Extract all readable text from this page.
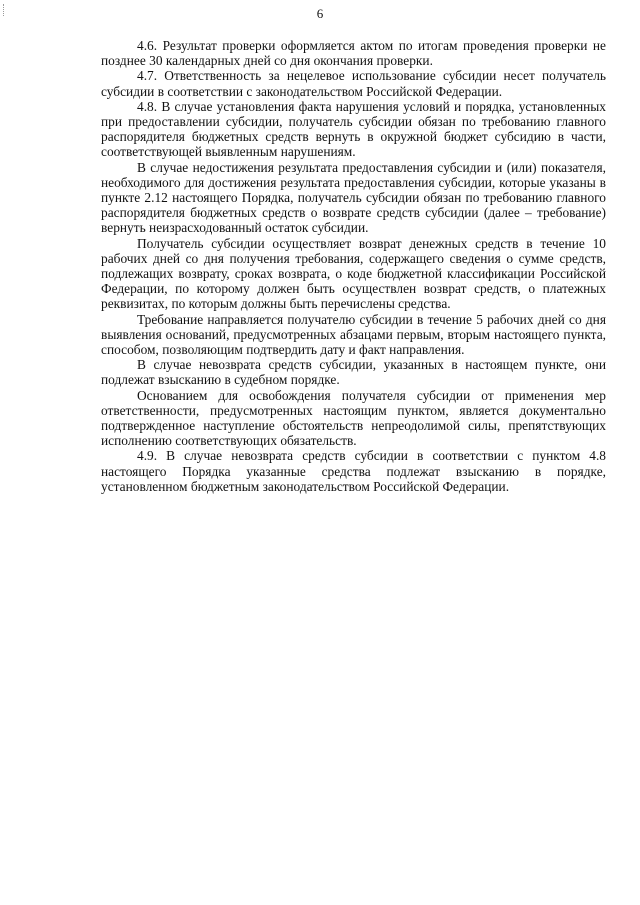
6

4.6. Результат проверки оформляется актом по итогам проведения проверки не позднее 30 календарных дней со дня окончания проверки.

4.7. Ответственность за нецелевое использование субсидии несет получатель субсидии в соответствии с законодательством Российской Федерации.

4.8. В случае установления факта нарушения условий и порядка, установленных при предоставлении субсидии, получатель субсидии обязан по требованию главного распорядителя бюджетных средств вернуть в окружной бюджет субсидию в части, соответствующей выявленным нарушениям.

В случае недостижения результата предоставления субсидии и (или) показателя, необходимого для достижения результата предоставления субсидии, которые указаны в пункте 2.12 настоящего Порядка, получатель субсидии обязан по требованию главного распорядителя бюджетных средств о возврате средств субсидии (далее – требование) вернуть неизрасходованный остаток субсидии.

Получатель субсидии осуществляет возврат денежных средств в течение 10 рабочих дней со дня получения требования, содержащего сведения о сумме средств, подлежащих возврату, сроках возврата, о коде бюджетной классификации Российской Федерации, по которому должен быть осуществлен возврат средств, о платежных реквизитах, по которым должны быть перечислены средства.

Требование направляется получателю субсидии в течение 5 рабочих дней со дня выявления оснований, предусмотренных абзацами первым, вторым настоящего пункта, способом, позволяющим подтвердить дату и факт направления.

В случае невозврата средств субсидии, указанных в настоящем пункте, они подлежат взысканию в судебном порядке.

Основанием для освобождения получателя субсидии от применения мер ответственности, предусмотренных настоящим пунктом, является документально подтвержденное наступление обстоятельств непреодолимой силы, препятствующих исполнению соответствующих обязательств.

4.9. В случае невозврата средств субсидии в соответствии с пунктом 4.8 настоящего Порядка указанные средства подлежат взысканию в порядке, установленном бюджетным законодательством Российской Федерации.
